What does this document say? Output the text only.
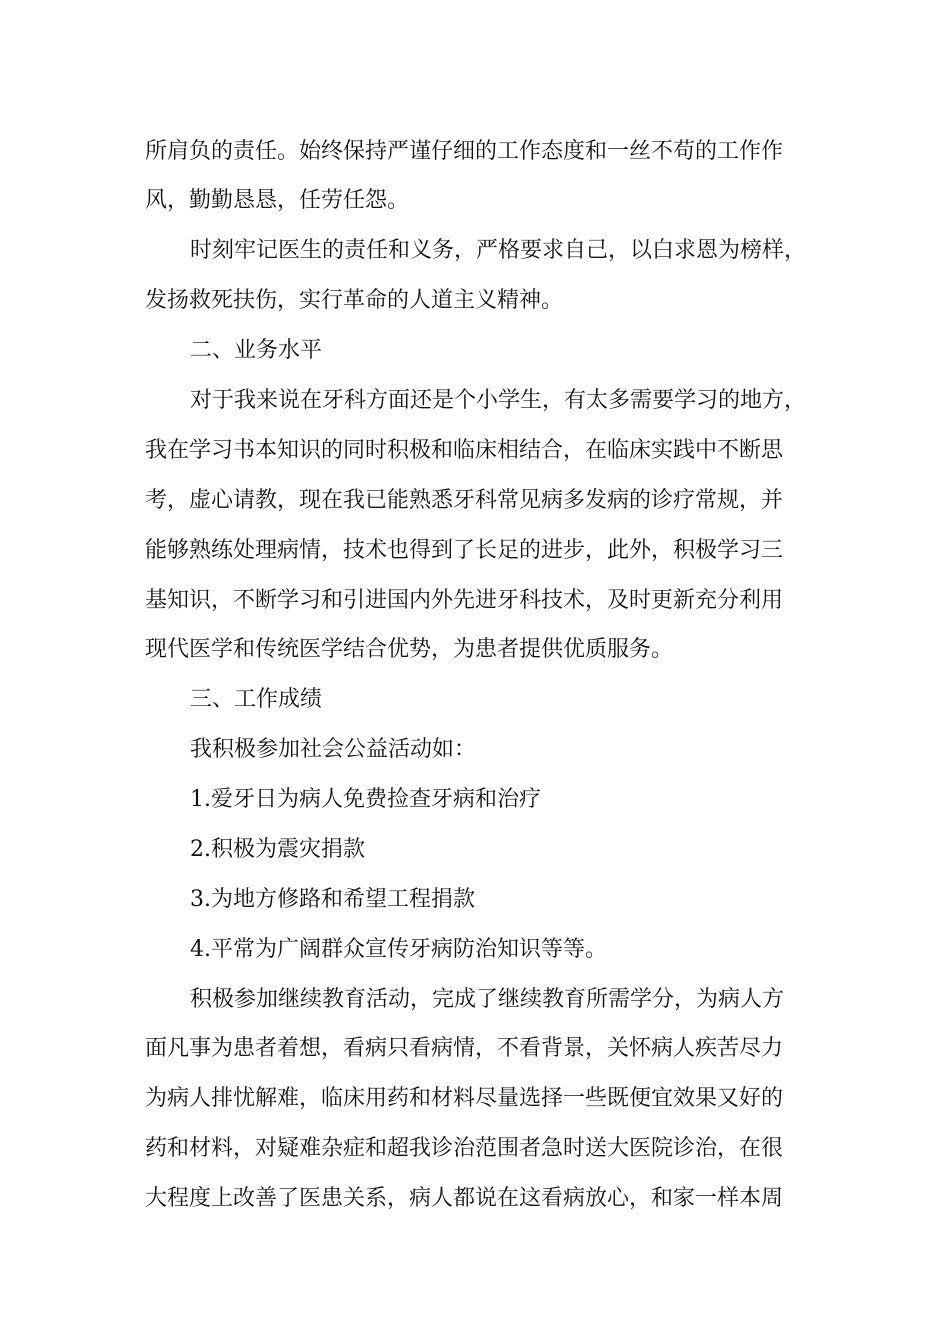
所肩负的责任。始终保持严谨仔细的工作态度和一丝不苟的工作作
风，勤勤恳恳，任劳任怨。
时刻牢记医生的责任和义务，严格要求自己，以白求恩为榜样，
发扬救死扶伤，实行革命的人道主义精神。
二、业务水平
对于我来说在牙科方面还是个小学生，有太多需要学习的地方，
我在学习书本知识的同时积极和临床相结合，在临床实践中不断思
考，虚心请教，现在我已能熟悉牙科常见病多发病的诊疗常规，并
能够熟练处理病情，技术也得到了长足的进步，此外，积极学习三
基知识，不断学习和引进国内外先进牙科技术，及时更新充分利用
现代医学和传统医学结合优势，为患者提供优质服务。
三、工作成绩
我积极参加社会公益活动如：
1.爱牙日为病人免费捡查牙病和治疗
2.积极为震灾捐款
3.为地方修路和希望工程捐款
4.平常为广阔群众宣传牙病防治知识等等。
积极参加继续教育活动，完成了继续教育所需学分，为病人方
面凡事为患者着想，看病只看病情，不看背景，关怀病人疾苦尽力
为病人排忧解难，临床用药和材料尽量选择一些既便宜效果又好的
药和材料，对疑难杂症和超我诊治范围者急时送大医院诊治，在很
大程度上改善了医患关系，病人都说在这看病放心，和家一样本周
